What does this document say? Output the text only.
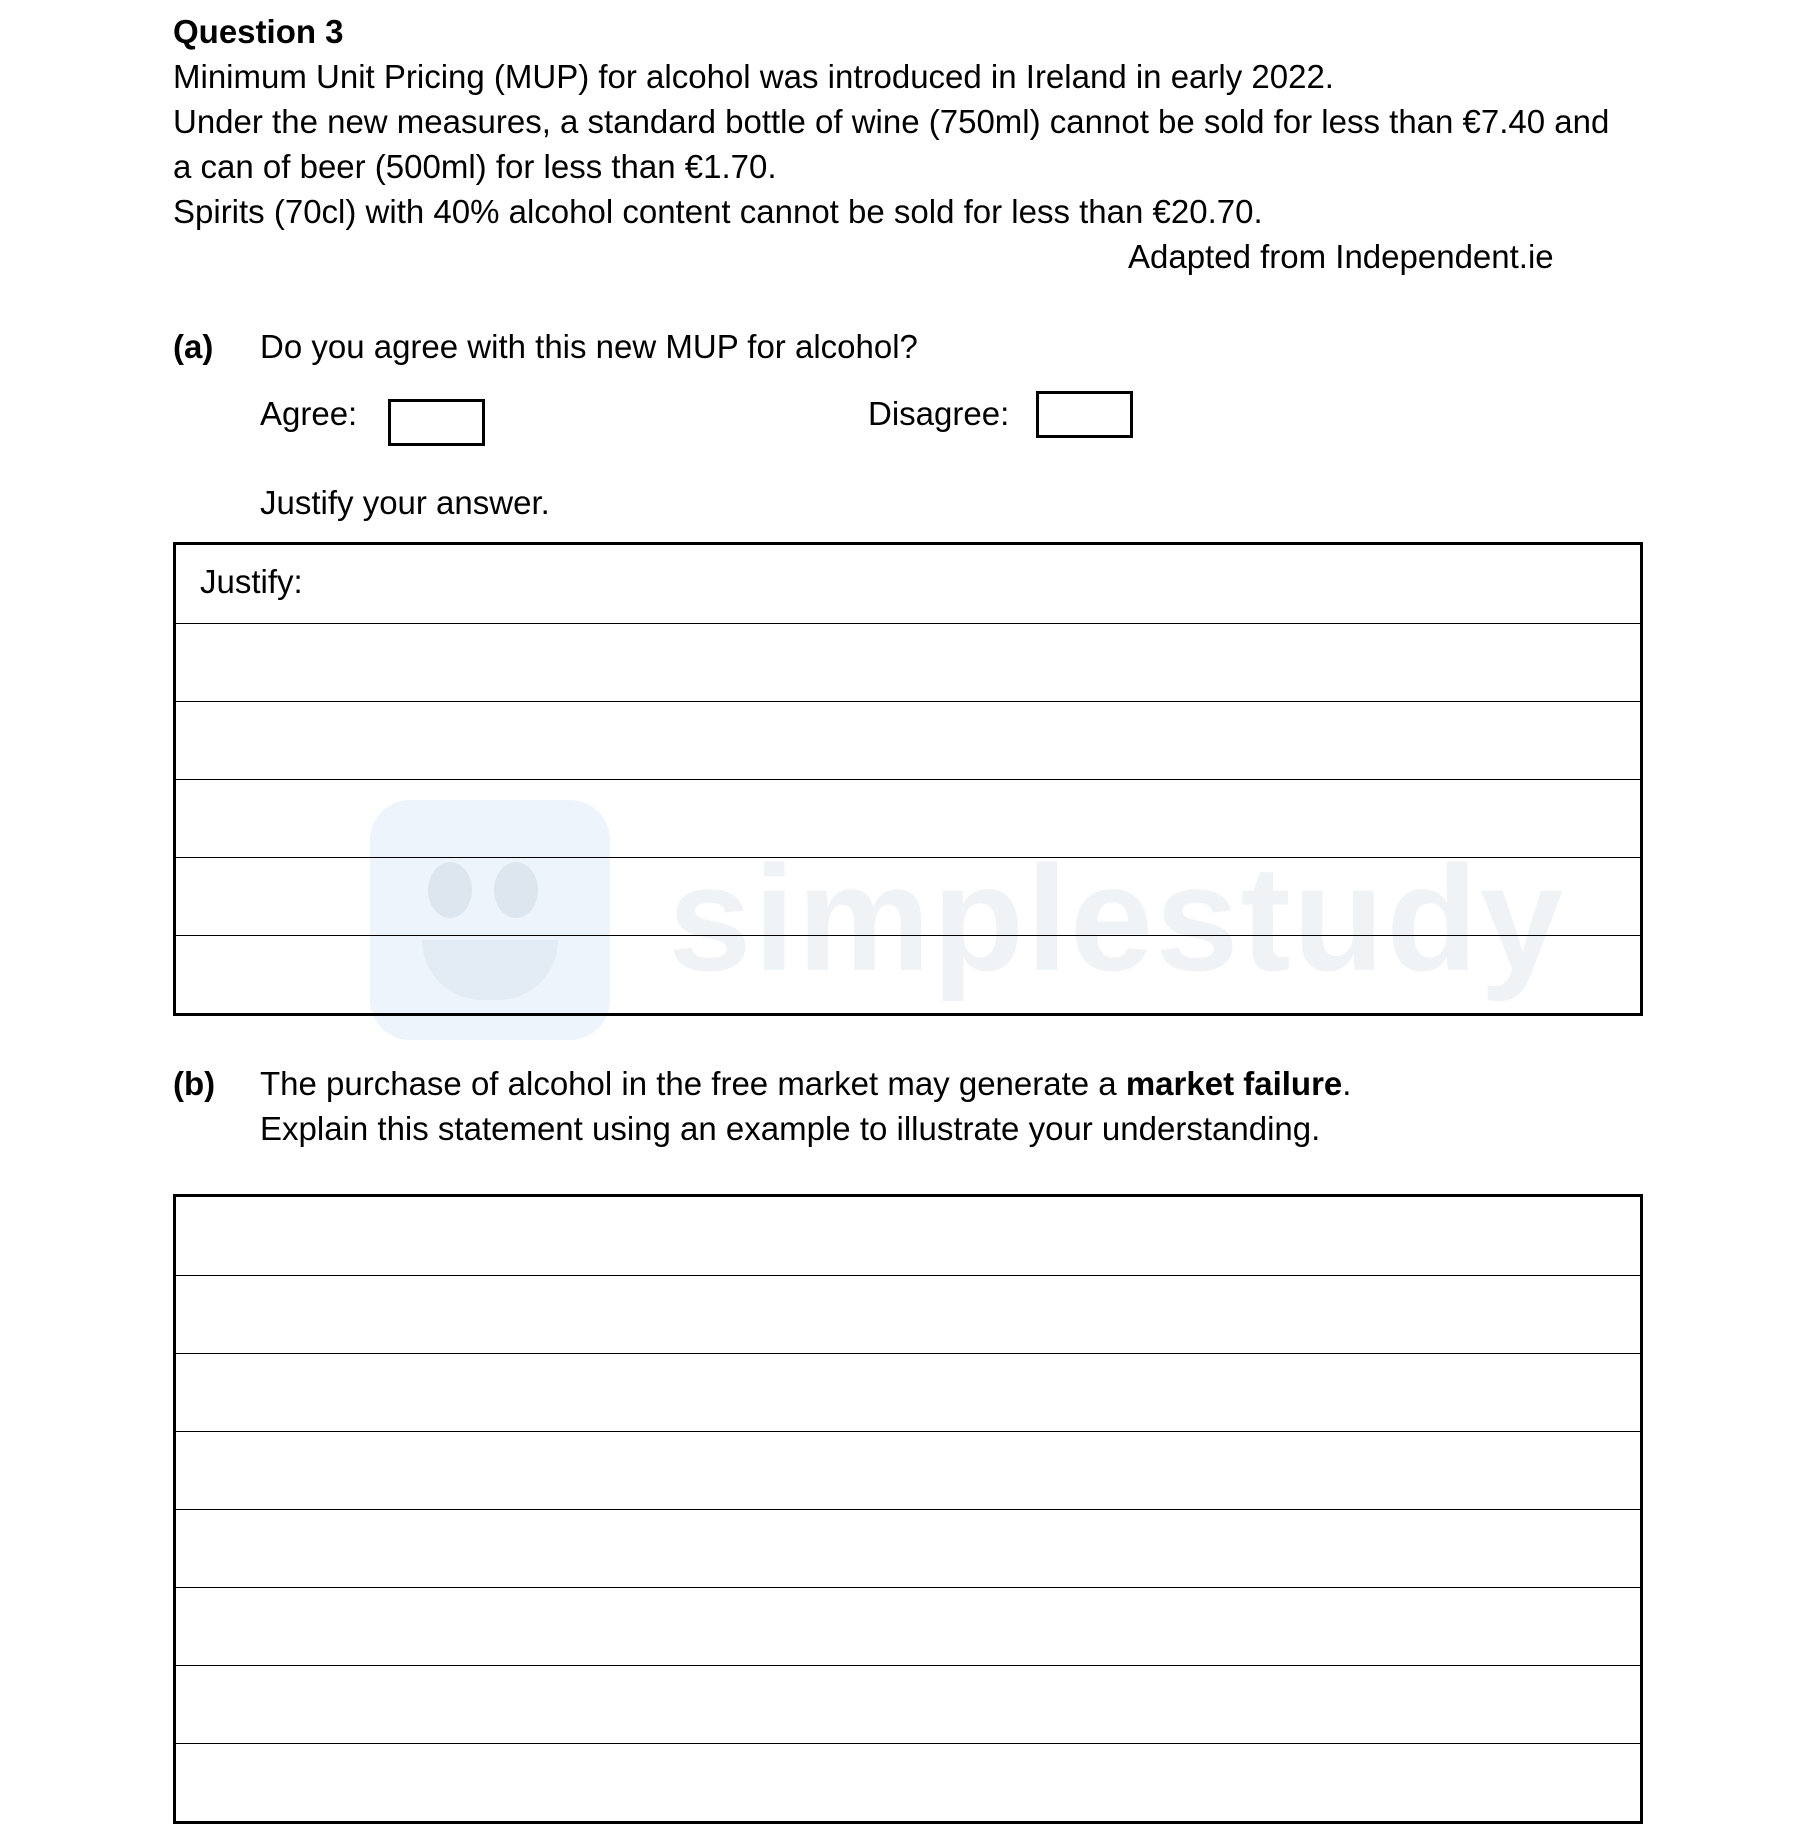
simplestudy
Question 3
Minimum Unit Pricing (MUP) for alcohol was introduced in Ireland in early 2022.
Under the new measures, a standard bottle of wine (750ml) cannot be sold for less than €7.40 and
a can of beer (500ml) for less than €1.70.
Spirits (70cl) with 40% alcohol content cannot be sold for less than €20.70.
Adapted from Independent.ie
(a) Do you agree with this new MUP for alcohol?
Agree:	Disagree:
Justify your answer.
Justify:
(b) The purchase of alcohol in the free market may generate a market failure.
Explain this statement using an example to illustrate your understanding.
